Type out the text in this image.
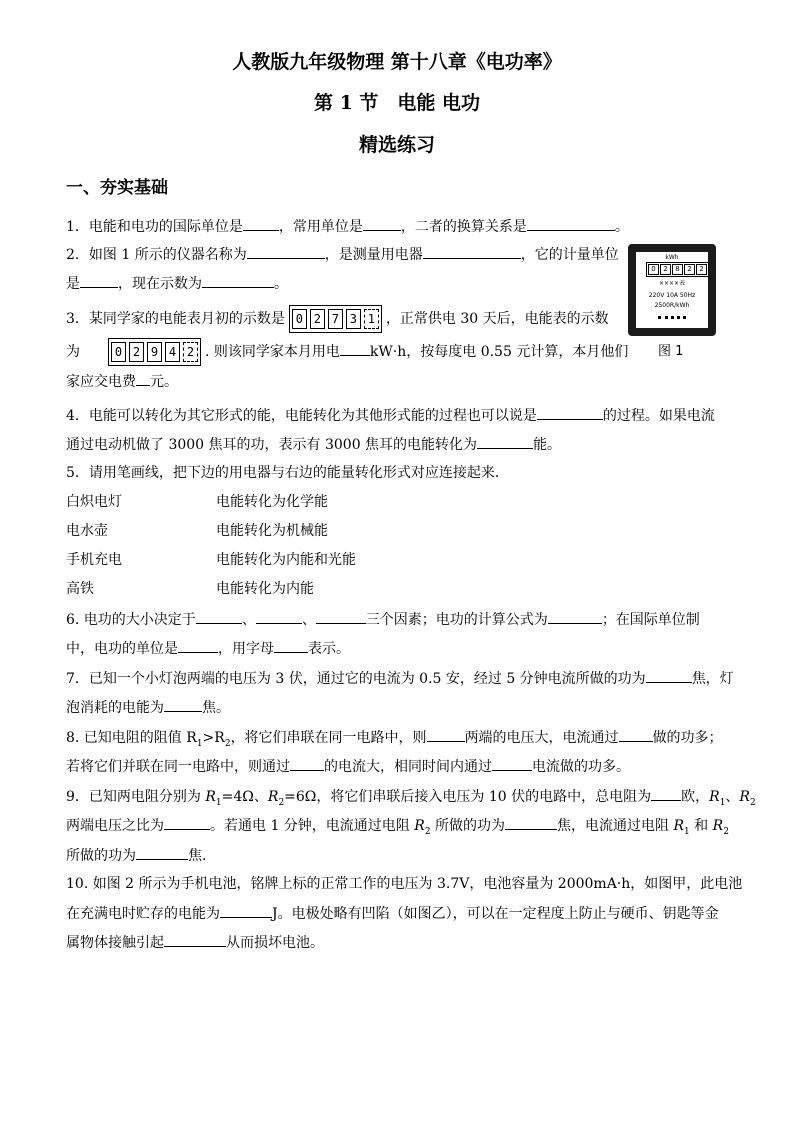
人教版九年级物理 第十八章《电功率》
第 1 节　电能 电功
精选练习
一、夯实基础
1．电能和电功的国际单位是	，常用单位是	，二者的换算关系是	。
2．如图 1 所示的仪器名称为	，是测量用电器	，它的计量单位
是	，现在示数为	。
3．某同学家的电能表月初的示数是 0 2 7 3 1 ，正常供电 30 天后，电能表的示数
为	0 2 9 4 2 . 则该同学家本月用电 kW·h，按每度电 0.55 元计算，本月他们
家应交电费 元。
kWh
0	2	8	2	2
××××表
220V 10A 50Hz
2500R/kWh
图 1
4．电能可以转化为其它形式的能，电能转化为其他形式能的过程也可以说是	的过程。如果电流
通过电动机做了 3000 焦耳的功，表示有 3000 焦耳的电能转化为	能。
5．请用笔画线，把下边的用电器与右边的能量转化形式对应连接起来．
白炽电灯	电能转化为化学能
电水壶	电能转化为机械能
手机充电	电能转化为内能和光能
高铁	电能转化为内能
6. 电功的大小决定于	、	、	三个因素；电功的计算公式为	；在国际单位制
中，电功的单位是	，用字母 表示。
7．已知一个小灯泡两端的电压为 3 伏，通过它的电流为 0.5 安，经过 5 分钟电流所做的功为	焦，灯
泡消耗的电能为	焦。
8. 已知电阻的阻值 $R_1>R_2$，将它们串联在同一电路中，则	两端的电压大，电流通过 做的功多；
若将它们并联在同一电路中，则通过 的电流大，相同时间内通过	电流做的功多。
9．已知两电阻分别为 $R_1=4\Omega$、$R_2=6\Omega$，将它们串联后接入电压为 10 伏的电路中，总电阻为 欧，$R_1$、$R_2$
两端电压之比为	。若通电 1 分钟，电流通过电阻 $R_2$ 所做的功为	焦，电流通过电阻 $R_1$ 和 $R_2$
所做的功为	焦．
10. 如图 2 所示为手机电池，铭牌上标的正常工作的电压为 3.7V，电池容量为 2000mA·h，如图甲，此电池
在充满电时贮存的电能为	J。电极处略有凹陷（如图乙），可以在一定程度上防止与硬币、钥匙等金
属物体接触引起	从而损坏电池。
